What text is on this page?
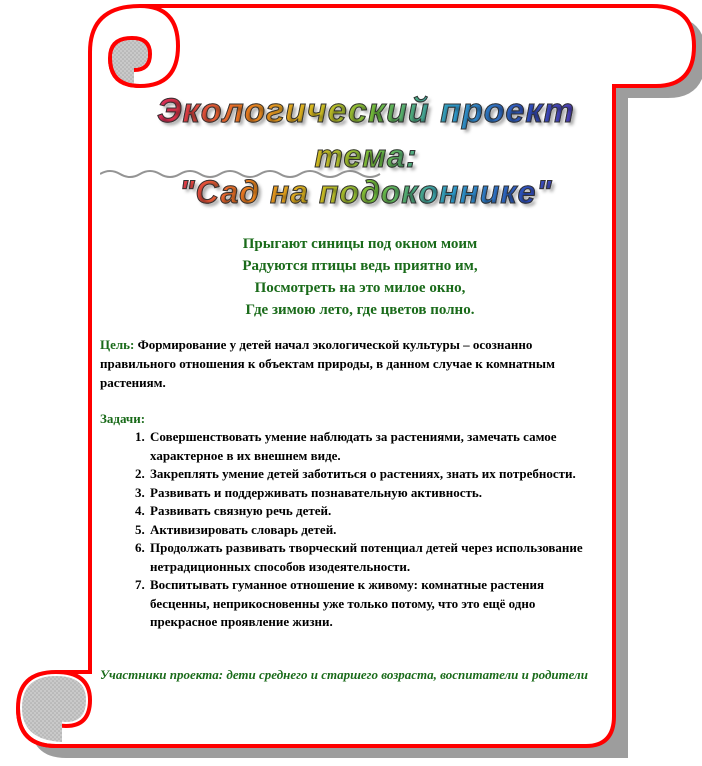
Экологический проект
тема:
"Сад на подоконнике"
Прыгают синицы под окном моим
Радуются птицы ведь приятно им,
Посмотреть на это милое окно,
Где зимою лето, где цветов полно.
Цель: Формирование у детей начал экологической культуры – осознанно правильного отношения к объектам природы, в данном случае к комнатным растениям.
Задачи:
1. Совершенствовать умение наблюдать за растениями, замечать самое характерное в их внешнем виде.
2. Закреплять умение детей заботиться о растениях, знать их потребности.
3. Развивать и поддерживать познавательную активность.
4. Развивать связную речь детей.
5. Активизировать словарь детей.
6. Продолжать развивать творческий потенциал детей через использование нетрадиционных способов изодеятельности.
7. Воспитывать гуманное отношение к живому: комнатные растения бесценны, неприкосновенны уже только потому, что это ещё одно прекрасное проявление жизни.
Участники проекта: дети среднего и старшего возраста, воспитатели и родители
